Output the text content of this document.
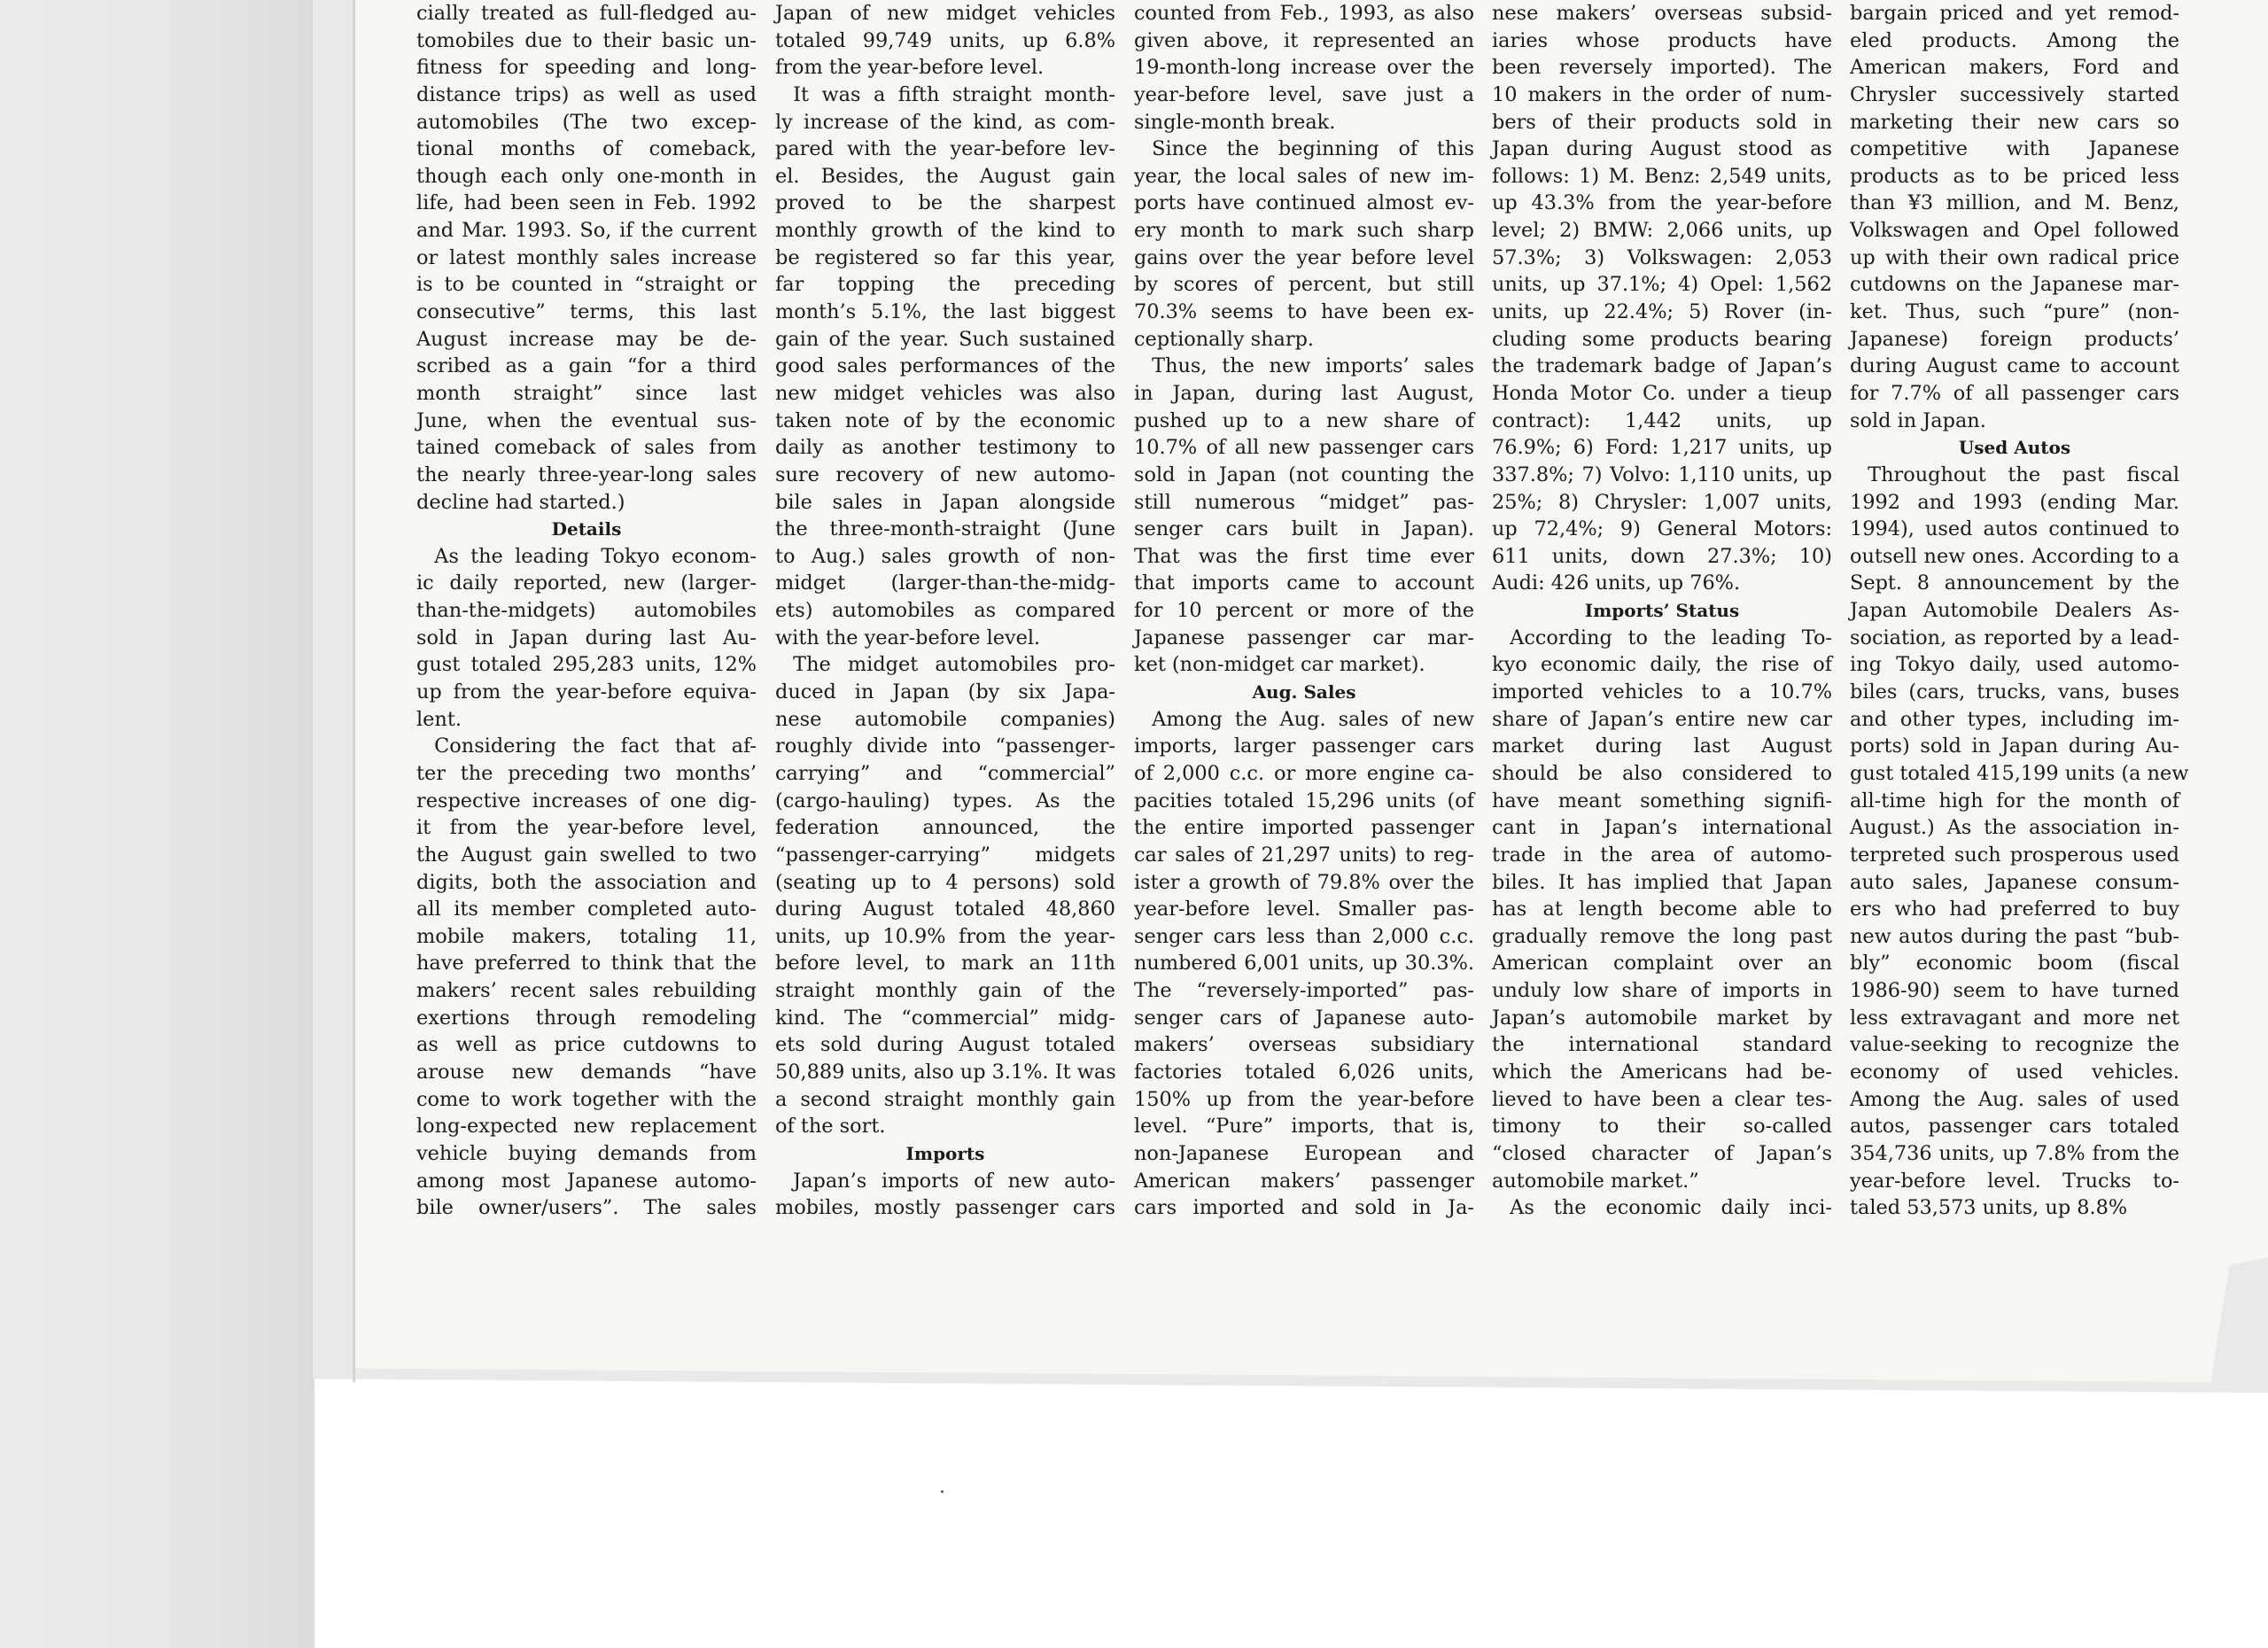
cially treated as full-fledged au-
tomobiles due to their basic un-
fitness for speeding and long-
distance trips) as well as used
automobiles (The two excep-
tional months of comeback,
though each only one-month in
life, had been seen in Feb. 1992
and Mar. 1993. So, if the current
or latest monthly sales increase
is to be counted in “straight or
consecutive” terms, this last
August increase may be de-
scribed as a gain “for a third
month straight” since last
June, when the eventual sus-
tained comeback of sales from
the nearly three-year-long sales
decline had started.)
Details
As the leading Tokyo econom-
ic daily reported, new (larger-
than-the-midgets) automobiles
sold in Japan during last Au-
gust totaled 295,283 units, 12%
up from the year-before equiva-
lent.
Considering the fact that af-
ter the preceding two months’
respective increases of one dig-
it from the year-before level,
the August gain swelled to two
digits, both the association and
all its member completed auto-
mobile makers, totaling 11,
have preferred to think that the
makers’ recent sales rebuilding
exertions through remodeling
as well as price cutdowns to
arouse new demands “have
come to work together with the
long-expected new replacement
vehicle buying demands from
among most Japanese automo-
bile owner/users”. The sales
Japan of new midget vehicles
totaled 99,749 units, up 6.8%
from the year-before level.
It was a fifth straight month-
ly increase of the kind, as com-
pared with the year-before lev-
el. Besides, the August gain
proved to be the sharpest
monthly growth of the kind to
be registered so far this year,
far topping the preceding
month’s 5.1%, the last biggest
gain of the year. Such sustained
good sales performances of the
new midget vehicles was also
taken note of by the economic
daily as another testimony to
sure recovery of new automo-
bile sales in Japan alongside
the three-month-straight (June
to Aug.) sales growth of non-
midget (larger-than-the-midg-
ets) automobiles as compared
with the year-before level.
The midget automobiles pro-
duced in Japan (by six Japa-
nese automobile companies)
roughly divide into “passenger-
carrying” and “commercial”
(cargo-hauling) types. As the
federation announced, the
“passenger-carrying” midgets
(seating up to 4 persons) sold
during August totaled 48,860
units, up 10.9% from the year-
before level, to mark an 11th
straight monthly gain of the
kind. The “commercial” midg-
ets sold during August totaled
50,889 units, also up 3.1%. It was
a second straight monthly gain
of the sort.
Imports
Japan’s imports of new auto-
mobiles, mostly passenger cars
counted from Feb., 1993, as also
given above, it represented an
19-month-long increase over the
year-before level, save just a
single-month break.
Since the beginning of this
year, the local sales of new im-
ports have continued almost ev-
ery month to mark such sharp
gains over the year before level
by scores of percent, but still
70.3% seems to have been ex-
ceptionally sharp.
Thus, the new imports’ sales
in Japan, during last August,
pushed up to a new share of
10.7% of all new passenger cars
sold in Japan (not counting the
still numerous “midget” pas-
senger cars built in Japan).
That was the first time ever
that imports came to account
for 10 percent or more of the
Japanese passenger car mar-
ket (non-midget car market).
Aug. Sales
Among the Aug. sales of new
imports, larger passenger cars
of 2,000 c.c. or more engine ca-
pacities totaled 15,296 units (of
the entire imported passenger
car sales of 21,297 units) to reg-
ister a growth of 79.8% over the
year-before level. Smaller pas-
senger cars less than 2,000 c.c.
numbered 6,001 units, up 30.3%.
The “reversely-imported” pas-
senger cars of Japanese auto-
makers’ overseas subsidiary
factories totaled 6,026 units,
150% up from the year-before
level. “Pure” imports, that is,
non-Japanese European and
American makers’ passenger
cars imported and sold in Ja-
nese makers’ overseas subsid-
iaries whose products have
been reversely imported). The
10 makers in the order of num-
bers of their products sold in
Japan during August stood as
follows: 1) M. Benz: 2,549 units,
up 43.3% from the year-before
level; 2) BMW: 2,066 units, up
57.3%; 3) Volkswagen: 2,053
units, up 37.1%; 4) Opel: 1,562
units, up 22.4%; 5) Rover (in-
cluding some products bearing
the trademark badge of Japan’s
Honda Motor Co. under a tieup
contract): 1,442 units, up
76.9%; 6) Ford: 1,217 units, up
337.8%; 7) Volvo: 1,110 units, up
25%; 8) Chrysler: 1,007 units,
up 72,4%; 9) General Motors:
611 units, down 27.3%; 10)
Audi: 426 units, up 76%.
Imports’ Status
According to the leading To-
kyo economic daily, the rise of
imported vehicles to a 10.7%
share of Japan’s entire new car
market during last August
should be also considered to
have meant something signifi-
cant in Japan’s international
trade in the area of automo-
biles. It has implied that Japan
has at length become able to
gradually remove the long past
American complaint over an
unduly low share of imports in
Japan’s automobile market by
the international standard
which the Americans had be-
lieved to have been a clear tes-
timony to their so-called
“closed character of Japan’s
automobile market.”
As the economic daily inci-
bargain priced and yet remod-
eled products. Among the
American makers, Ford and
Chrysler successively started
marketing their new cars so
competitive with Japanese
products as to be priced less
than ¥3 million, and M. Benz,
Volkswagen and Opel followed
up with their own radical price
cutdowns on the Japanese mar-
ket. Thus, such “pure” (non-
Japanese) foreign products’
during August came to account
for 7.7% of all passenger cars
sold in Japan.
Used Autos
Throughout the past fiscal
1992 and 1993 (ending Mar.
1994), used autos continued to
outsell new ones. According to a
Sept. 8 announcement by the
Japan Automobile Dealers As-
sociation, as reported by a lead-
ing Tokyo daily, used automo-
biles (cars, trucks, vans, buses
and other types, including im-
ports) sold in Japan during Au-
gust totaled 415,199 units (a new
all-time high for the month of
August.) As the association in-
terpreted such prosperous used
auto sales, Japanese consum-
ers who had preferred to buy
new autos during the past “bub-
bly” economic boom (fiscal
1986-90) seem to have turned
less extravagant and more net
value-seeking to recognize the
economy of used vehicles.
Among the Aug. sales of used
autos, passenger cars totaled
354,736 units, up 7.8% from the
year-before level. Trucks to-
taled 53,573 units, up 8.8%
